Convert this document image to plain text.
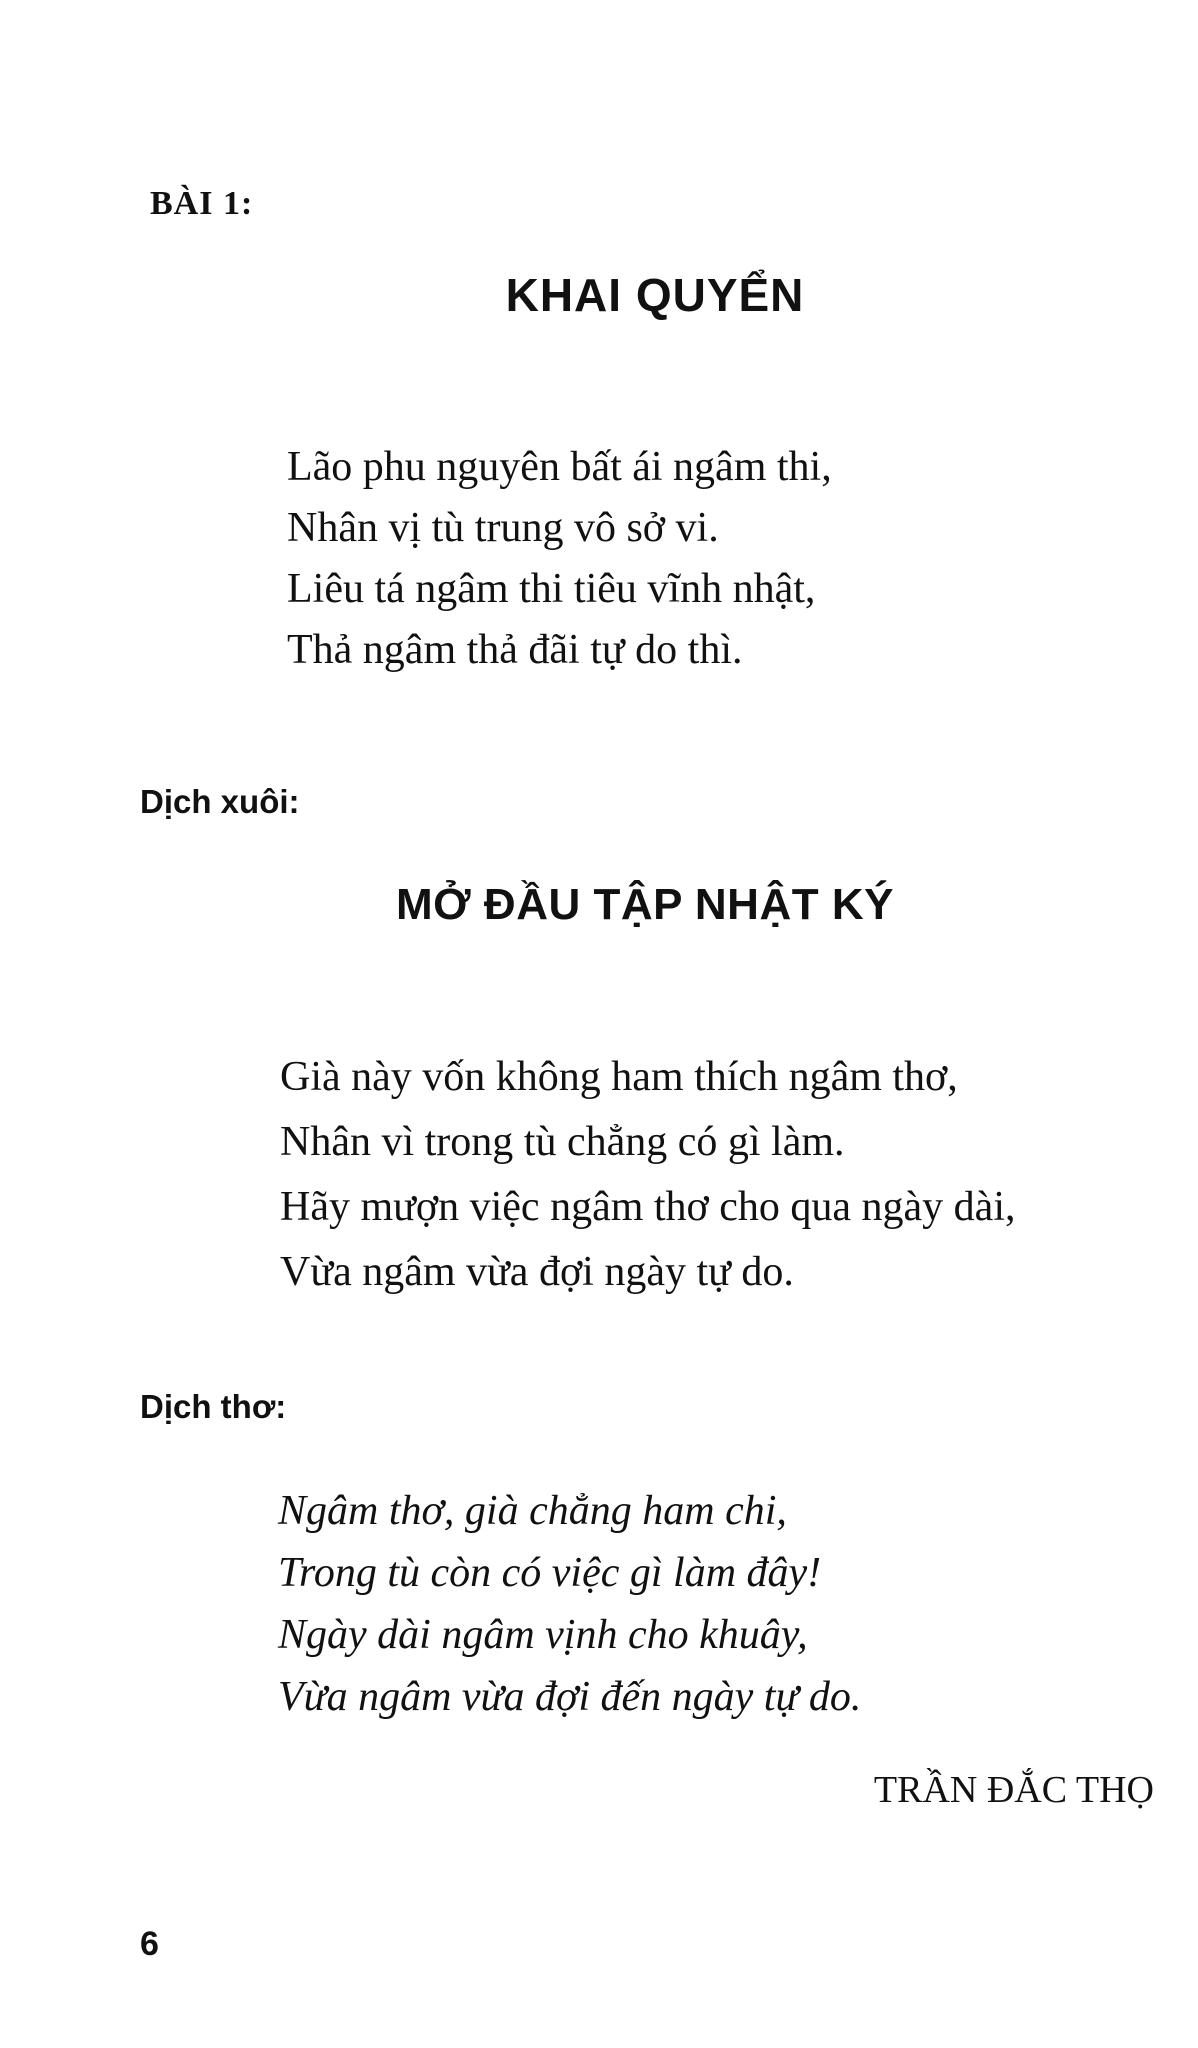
BÀI 1:
KHAI QUYỂN
Lão phu nguyên bất ái ngâm thi,
Nhân vị tù trung vô sở vi.
Liêu tá ngâm thi tiêu vĩnh nhật,
Thả ngâm thả đãi tự do thì.
Dịch xuôi:
MỞ ĐẦU TẬP NHẬT KÝ
Già này vốn không ham thích ngâm thơ,
Nhân vì trong tù chẳng có gì làm.
Hãy mượn việc ngâm thơ cho qua ngày dài,
Vừa ngâm vừa đợi ngày tự do.
Dịch thơ:
Ngâm thơ, già chẳng ham chi,
Trong tù còn có việc gì làm đây!
Ngày dài ngâm vịnh cho khuây,
Vừa ngâm vừa đợi đến ngày tự do.
TRẦN ĐẮC THỌ
6
